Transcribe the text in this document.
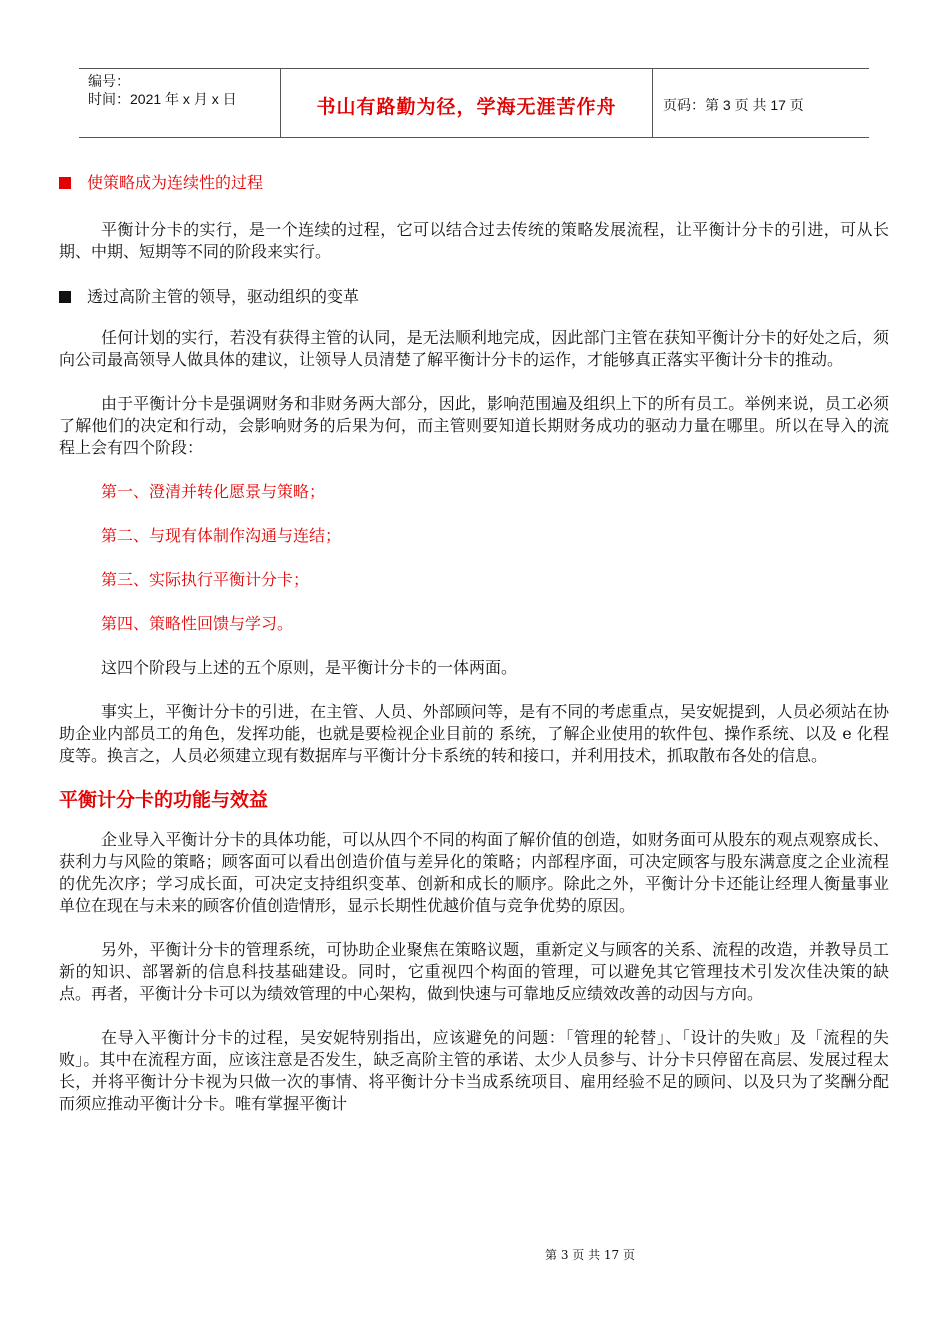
编号：
时间：2021 年 x 月 x 日	书山有路勤为径，学海无涯苦作舟	页码：第 3 页 共 17 页

使策略成为连续性的过程

平衡计分卡的实行，是一个连续的过程，它可以结合过去传统的策略发展流程，让平衡计分卡的引进，可从长期、中期、短期等不同的阶段来实行。

透过高阶主管的领导，驱动组织的变革

任何计划的实行，若没有获得主管的认同，是无法顺利地完成，因此部门主管在获知平衡计分卡的好处之后，须向公司最高领导人做具体的建议，让领导人员清楚了解平衡计分卡的运作，才能够真正落实平衡计分卡的推动。

由于平衡计分卡是强调财务和非财务两大部分，因此，影响范围遍及组织上下的所有员工。举例来说，员工必须了解他们的决定和行动，会影响财务的后果为何，而主管则要知道长期财务成功的驱动力量在哪里。所以在导入的流程上会有四个阶段：

第一、澄清并转化愿景与策略；

第二、与现有体制作沟通与连结；

第三、实际执行平衡计分卡；

第四、策略性回馈与学习。

这四个阶段与上述的五个原则，是平衡计分卡的一体两面。

事实上，平衡计分卡的引进，在主管、人员、外部顾问等，是有不同的考虑重点，吴安妮提到，人员必须站在协助企业内部员工的角色，发挥功能，也就是要检视企业目前的 系统，了解企业使用的软件包、操作系统、以及 e 化程度等。换言之，人员必须建立现有数据库与平衡计分卡系统的转和接口，并利用技术，抓取散布各处的信息。

平衡计分卡的功能与效益

企业导入平衡计分卡的具体功能，可以从四个不同的构面了解价值的创造，如财务面可从股东的观点观察成长、获利力与风险的策略；顾客面可以看出创造价值与差异化的策略；内部程序面，可决定顾客与股东满意度之企业流程的优先次序；学习成长面，可决定支持组织变革、创新和成长的顺序。除此之外，平衡计分卡还能让经理人衡量事业单位在现在与未来的顾客价值创造情形，显示长期性优越价值与竞争优势的原因。

另外，平衡计分卡的管理系统，可协助企业聚焦在策略议题，重新定义与顾客的关系、流程的改造，并教导员工新的知识、部署新的信息科技基础建设。同时，它重视四个构面的管理，可以避免其它管理技术引发次佳决策的缺点。再者，平衡计分卡可以为绩效管理的中心架构，做到快速与可靠地反应绩效改善的动因与方向。

在导入平衡计分卡的过程，吴安妮特别指出，应该避免的问题：「管理的轮替」、「设计的失败」及「流程的失败」。其中在流程方面，应该注意是否发生，缺乏高阶主管的承诺、太少人员参与、计分卡只停留在高层、发展过程太长，并将平衡计分卡视为只做一次的事情、将平衡计分卡当成系统项目、雇用经验不足的顾问、以及只为了奖酬分配而须应推动平衡计分卡。唯有掌握平衡计

第 3 页 共 17 页
